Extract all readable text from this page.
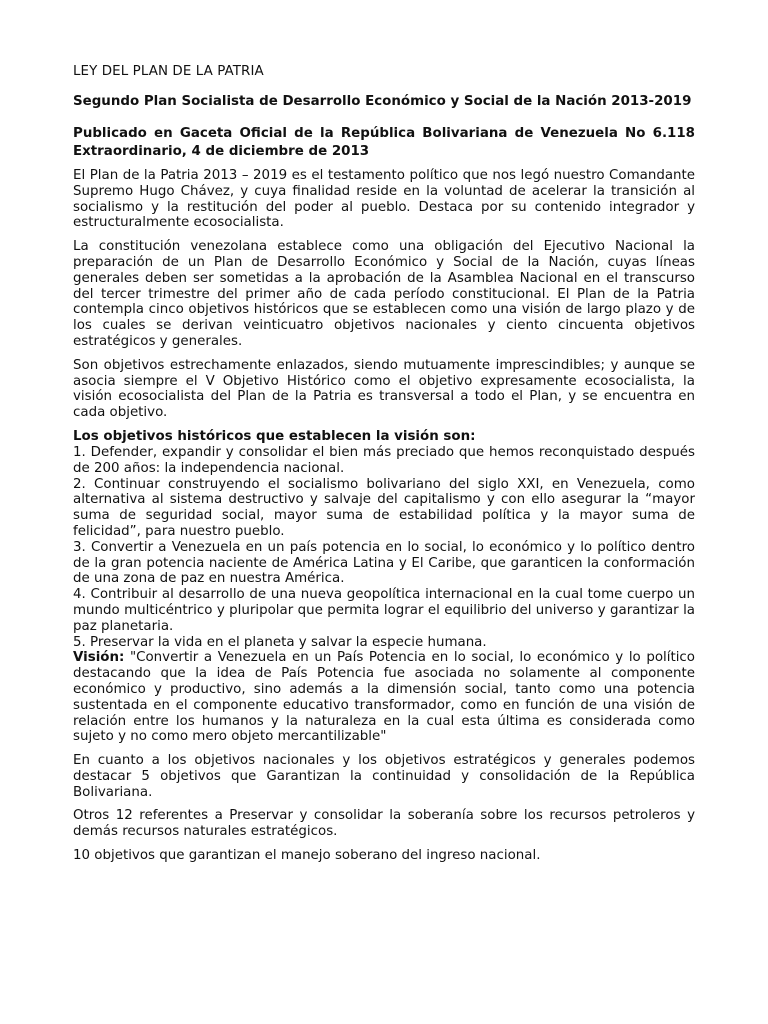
LEY DEL PLAN DE LA PATRIA
Segundo Plan Socialista de Desarrollo Económico y Social de la Nación 2013-2019
Publicado en Gaceta Oficial de la República Bolivariana de Venezuela No 6.118 Extraordinario, 4 de diciembre de 2013

El Plan de la Patria 2013 – 2019 es el testamento político que nos legó nuestro Comandante Supremo Hugo Chávez, y cuya finalidad reside en la voluntad de acelerar la transición al socialismo y la restitución del poder al pueblo. Destaca por su contenido integrador y estructuralmente ecosocialista.

La constitución venezolana establece como una obligación del Ejecutivo Nacional la preparación de un Plan de Desarrollo Económico y Social de la Nación, cuyas líneas generales deben ser sometidas a la aprobación de la Asamblea Nacional en el transcurso del tercer trimestre del primer año de cada período constitucional. El Plan de la Patria contempla cinco objetivos históricos que se establecen como una visión de largo plazo y de los cuales se derivan veinticuatro objetivos nacionales y ciento cincuenta objetivos estratégicos y generales.

Son objetivos estrechamente enlazados, siendo mutuamente imprescindibles; y aunque se asocia siempre el V Objetivo Histórico como el objetivo expresamente ecosocialista, la visión ecosocialista del Plan de la Patria es transversal a todo el Plan, y se encuentra en cada objetivo.

Los objetivos históricos que establecen la visión son:
1. Defender, expandir y consolidar el bien más preciado que hemos reconquistado después de 200 años: la independencia nacional.
2. Continuar construyendo el socialismo bolivariano del siglo XXI, en Venezuela, como alternativa al sistema destructivo y salvaje del capitalismo y con ello asegurar la “mayor suma de seguridad social, mayor suma de estabilidad política y la mayor suma de felicidad”, para nuestro pueblo.
3. Convertir a Venezuela en un país potencia en lo social, lo económico y lo político dentro de la gran potencia naciente de América Latina y El Caribe, que garanticen la conformación de una zona de paz en nuestra América.
4. Contribuir al desarrollo de una nueva geopolítica internacional en la cual tome cuerpo un mundo multicéntrico y pluripolar que permita lograr el equilibrio del universo y garantizar la paz planetaria.
5. Preservar la vida en el planeta y salvar la especie humana.

Visión: "Convertir a Venezuela en un País Potencia en lo social, lo económico y lo político destacando que la idea de País Potencia fue asociada no solamente al componente económico y productivo, sino además a la dimensión social, tanto como una potencia sustentada en el componente educativo transformador, como en función de una visión de relación entre los humanos y la naturaleza en la cual esta última es considerada como sujeto y no como mero objeto mercantilizable"

En cuanto a los objetivos nacionales y los objetivos estratégicos y generales podemos destacar 5 objetivos que Garantizan la continuidad y consolidación de la República Bolivariana.

Otros 12 referentes a Preservar y consolidar la soberanía sobre los recursos petroleros y demás recursos naturales estratégicos.

10 objetivos que garantizan el manejo soberano del ingreso nacional.
